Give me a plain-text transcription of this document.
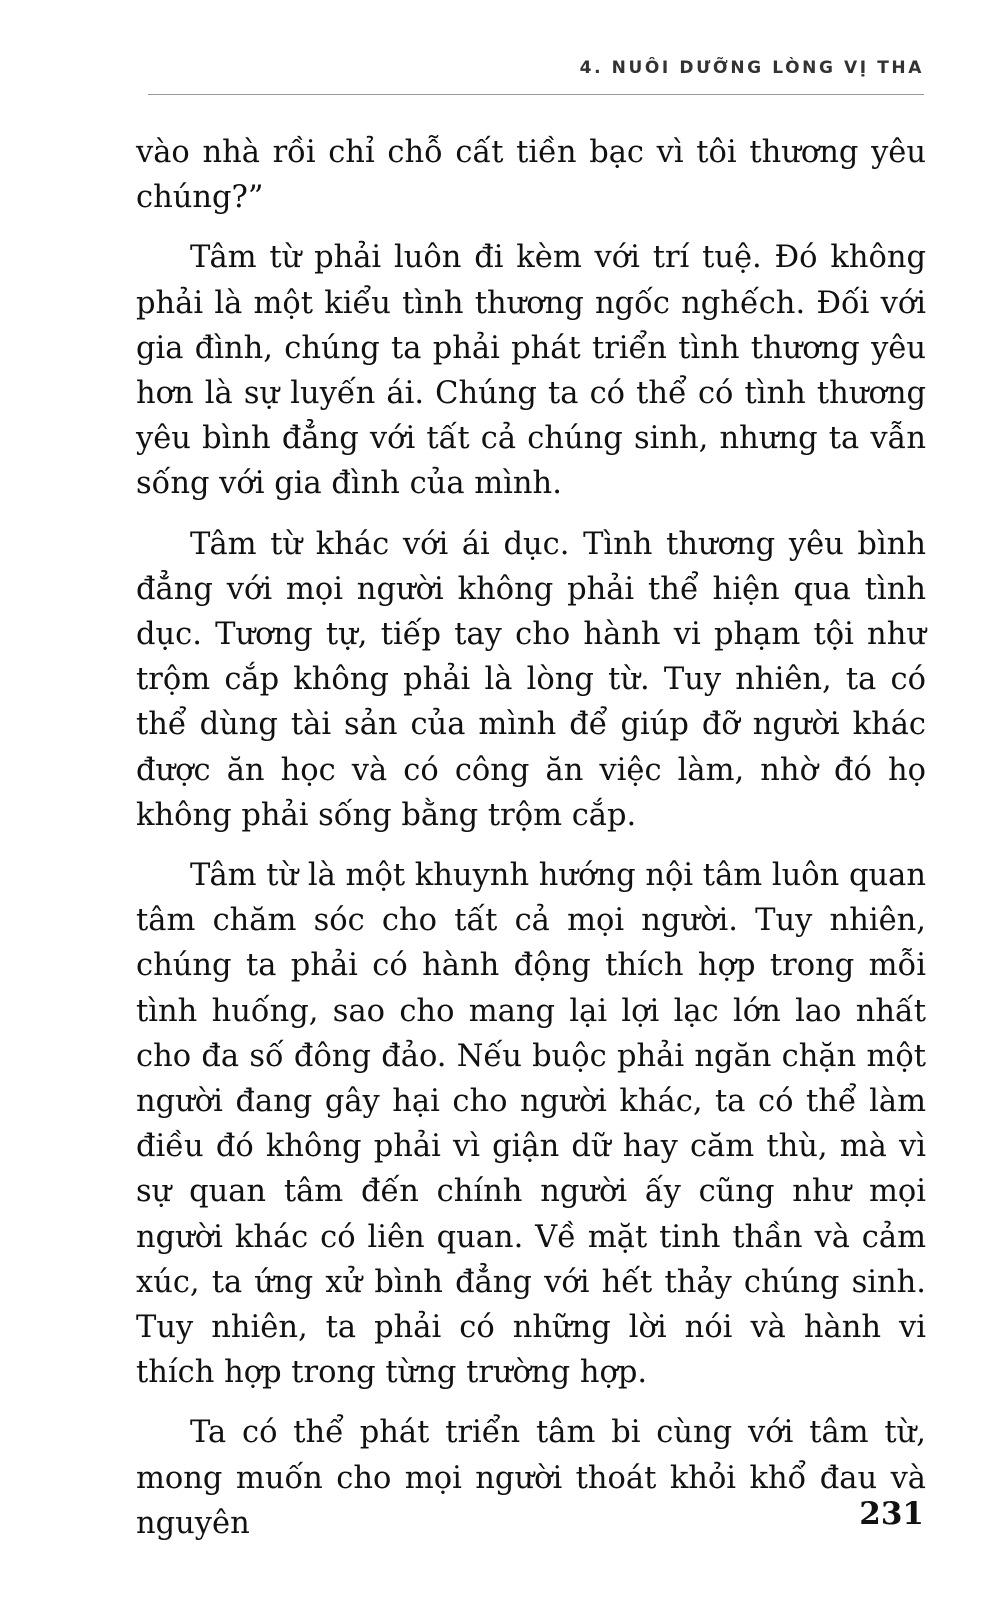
4. NUÔI DƯỠNG LÒNG VỊ THA

vào nhà rồi chỉ chỗ cất tiền bạc vì tôi thương yêu chúng?”

Tâm từ phải luôn đi kèm với trí tuệ. Đó không phải là một kiểu tình thương ngốc nghếch. Đối với gia đình, chúng ta phải phát triển tình thương yêu hơn là sự luyến ái. Chúng ta có thể có tình thương yêu bình đẳng với tất cả chúng sinh, nhưng ta vẫn sống với gia đình của mình.

Tâm từ khác với ái dục. Tình thương yêu bình đẳng với mọi người không phải thể hiện qua tình dục. Tương tự, tiếp tay cho hành vi phạm tội như trộm cắp không phải là lòng từ. Tuy nhiên, ta có thể dùng tài sản của mình để giúp đỡ người khác được ăn học và có công ăn việc làm, nhờ đó họ không phải sống bằng trộm cắp.

Tâm từ là một khuynh hướng nội tâm luôn quan tâm chăm sóc cho tất cả mọi người. Tuy nhiên, chúng ta phải có hành động thích hợp trong mỗi tình huống, sao cho mang lại lợi lạc lớn lao nhất cho đa số đông đảo. Nếu buộc phải ngăn chặn một người đang gây hại cho người khác, ta có thể làm điều đó không phải vì giận dữ hay căm thù, mà vì sự quan tâm đến chính người ấy cũng như mọi người khác có liên quan. Về mặt tinh thần và cảm xúc, ta ứng xử bình đẳng với hết thảy chúng sinh. Tuy nhiên, ta phải có những lời nói và hành vi thích hợp trong từng trường hợp.

Ta có thể phát triển tâm bi cùng với tâm từ, mong muốn cho mọi người thoát khỏi khổ đau và nguyên	231
